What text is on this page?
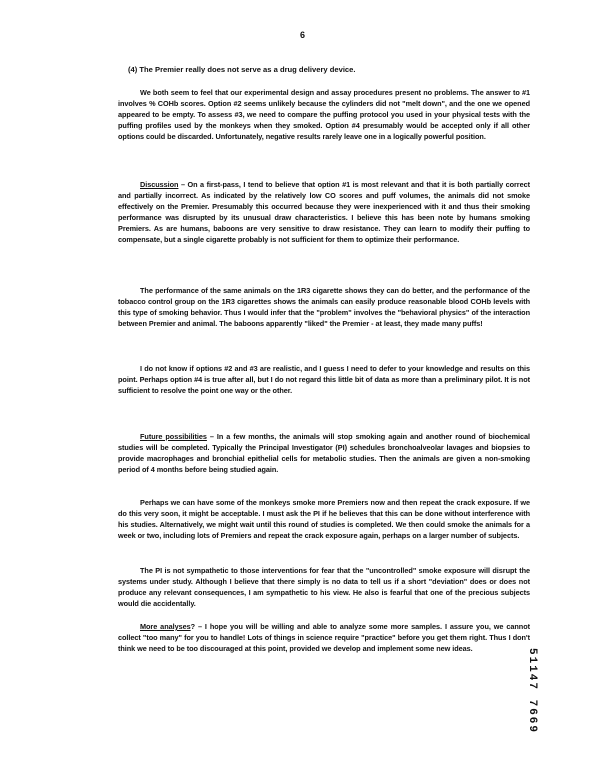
6
(4) The Premier really does not serve as a drug delivery device.

We both seem to feel that our experimental design and assay procedures present no problems. The answer to #1 involves % COHb scores. Option #2 seems unlikely because the cylinders did not "melt down", and the one we opened appeared to be empty. To assess #3, we need to compare the puffing protocol you used in your physical tests with the puffing profiles used by the monkeys when they smoked. Option #4 presumably would be accepted only if all other options could be discarded. Unfortunately, negative results rarely leave one in a logically powerful position.

Discussion – On a first-pass, I tend to believe that option #1 is most relevant and that it is both partially correct and partially incorrect. As indicated by the relatively low CO scores and puff volumes, the animals did not smoke effectively on the Premier. Presumably this occurred because they were inexperienced with it and thus their smoking performance was disrupted by its unusual draw characteristics. I believe this has been note by humans smoking Premiers. As are humans, baboons are very sensitive to draw resistance. They can learn to modify their puffing to compensate, but a single cigarette probably is not sufficient for them to optimize their performance.

The performance of the same animals on the 1R3 cigarette shows they can do better, and the performance of the tobacco control group on the 1R3 cigarettes shows the animals can easily produce reasonable blood COHb levels with this type of smoking behavior. Thus I would infer that the "problem" involves the "behavioral physics" of the interaction between Premier and animal. The baboons apparently "liked" the Premier - at least, they made many puffs!

I do not know if options #2 and #3 are realistic, and I guess I need to defer to your knowledge and results on this point. Perhaps option #4 is true after all, but I do not regard this little bit of data as more than a preliminary pilot. It is not sufficient to resolve the point one way or the other.

Future possibilities – In a few months, the animals will stop smoking again and another round of biochemical studies will be completed. Typically the Principal Investigator (PI) schedules bronchoalveolar lavages and biopsies to provide macrophages and bronchial epithelial cells for metabolic studies. Then the animals are given a non-smoking period of 4 months before being studied again.

Perhaps we can have some of the monkeys smoke more Premiers now and then repeat the crack exposure. If we do this very soon, it might be acceptable. I must ask the PI if he believes that this can be done without interference with his studies. Alternatively, we might wait until this round of studies is completed. We then could smoke the animals for a week or two, including lots of Premiers and repeat the crack exposure again, perhaps on a larger number of subjects.

The PI is not sympathetic to those interventions for fear that the "uncontrolled" smoke exposure will disrupt the systems under study. Although I believe that there simply is no data to tell us if a short "deviation" does or does not produce any relevant consequences, I am sympathetic to his view. He also is fearful that one of the precious subjects would die accidentally.

More analyses? – I hope you will be willing and able to analyze some more samples. I assure you, we cannot collect "too many" for you to handle! Lots of things in science require "practice" before you get them right. Thus I don't think we need to be too discouraged at this point, provided we develop and implement some new ideas.	51147 7669
